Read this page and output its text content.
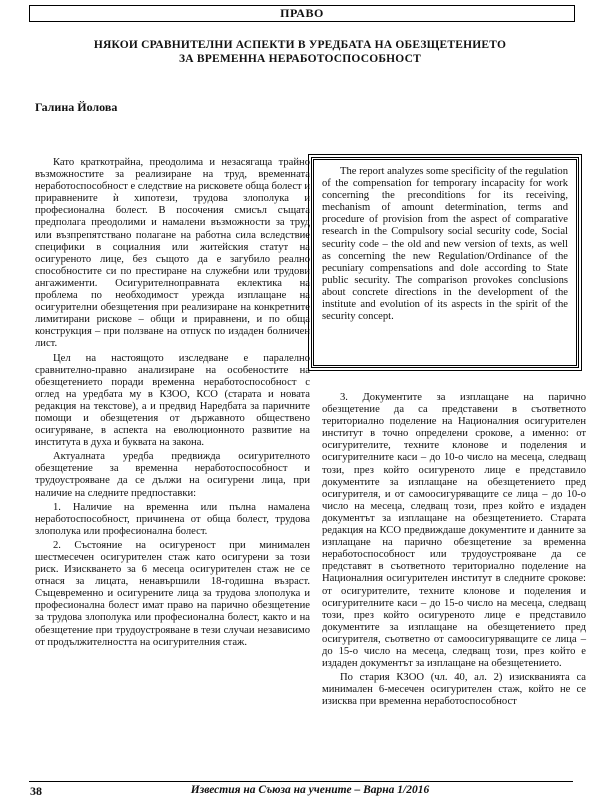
ПРАВО
НЯКОИ СРАВНИТЕЛНИ АСПЕКТИ В УРЕДБАТА НА ОБЕЗЩЕТЕНИЕТО
ЗА ВРЕМЕННА НЕРАБОТОСПОСОБНОСТ
Галина Йолова

Като краткотрайна, преодолима и незасягаща трайно възможностите за реализиране на труд, временната неработоспособност е следствие на рисковете обща болест и приравнените ѝ хипотези, трудова злополука и професионална болест. В посочения смисъл същата предполага преодолими и намалени възможности за труд или възпрепятствано полагане на работна сила вследствие специфики в социалния или житейския статут на осигуреното лице, без същото да е загубило реално способностите си по престиране на служебни или трудови ангажименти. Осигурителноправната еклектика на проблема по необходимост урежда изплащане на осигурителни обезщетения при реализиране на конкретните лимитирани рискове – общи и приравнени, и по обща конструкция – при ползване на отпуск по издаден болничен лист.

Цел на настоящото изследване е паралелно сравнително-правно анализиране на особеностите на обезщетението поради временна неработоспособност с оглед на уредбата му в КЗОО, КСО (старата и новата редакция на текстове), а и предвид Наредбата за паричните помощи и обезщетения от държавното обществено осигуряване, в аспекта на еволюционното развитие на института в духа и буквата на закона.

Актуалната уредба предвижда осигурителното обезщетение за временна неработоспособност и трудоустрояване да се дължи на осигурени лица, при наличие на следните предпоставки:

1. Наличие на временна или пълна намалена неработоспособност, причинена от обща болест, трудова злополука или професионална болест.

2. Състояние на осигуреност при минимален шестмесечен осигурителен стаж като осигурени за този риск. Изискването за 6 месеца осигурителен стаж не се отнася за лицата, ненавършили 18-годишна възраст. Същевременно и осигурените лица за трудова злополука и професионална болест имат право на парично обезщетение за трудова злополука или професионална болест, както и на обезщетение при трудоустрояване в тези случаи независимо от продължителността на осигурителния стаж.

The report analyzes some specificity of the regulation of the compensation for temporary incapacity for work concerning the preconditions for its receiving, mechanism of amount determination, terms and procedure of provision from the aspect of comparative research in the Compulsory social security code, Social security code – the old and new version of texts, as well as concerning the new Regulation/Ordinance of the pecuniary compensations and dole according to State public security. The comparison provokes conclusions about concrete directions in the development of the institute and evolution of its aspects in the spirit of the security concept.

3. Документите за изплащане на парично обезщетение да са представени в съответното териториално поделение на Националния осигурителен институт в точно определени срокове, а именно: от осигурителите, техните клонове и поделения и осигурителните каси – до 10-о число на месеца, следващ този, през който осигуреното лице е представило документите за изплащане на обезщетението пред осигурителя, и от самоосигуряващите се лица – до 10-о число на месеца, следващ този, през който е издаден документът за изплащане на обезщетението. Старата редакция на КСО предвиждаше документите и данните за изплащане на парично обезщетение за временна неработоспособност или трудоустрояване да се представят в съответното териториално поделение на Националния осигурителен институт в следните срокове: от осигурителите, техните клонове и поделения и осигурителните каси – до 15-о число на месеца, следващ този, през който осигуреното лице е представило документите за изплащане на обезщетението пред осигурителя, съответно от самоосигуряващите се лица – до 15-о число на месеца, следващ този, през който е издаден документът за изплащане на обезщетението.

По стария КЗОО (чл. 40, ал. 2) изискванията са минимален 6-месечен осигурителен стаж, който не се изисква при временна неработоспособност

38	Известия на Съюза на учените – Варна 1/2016
